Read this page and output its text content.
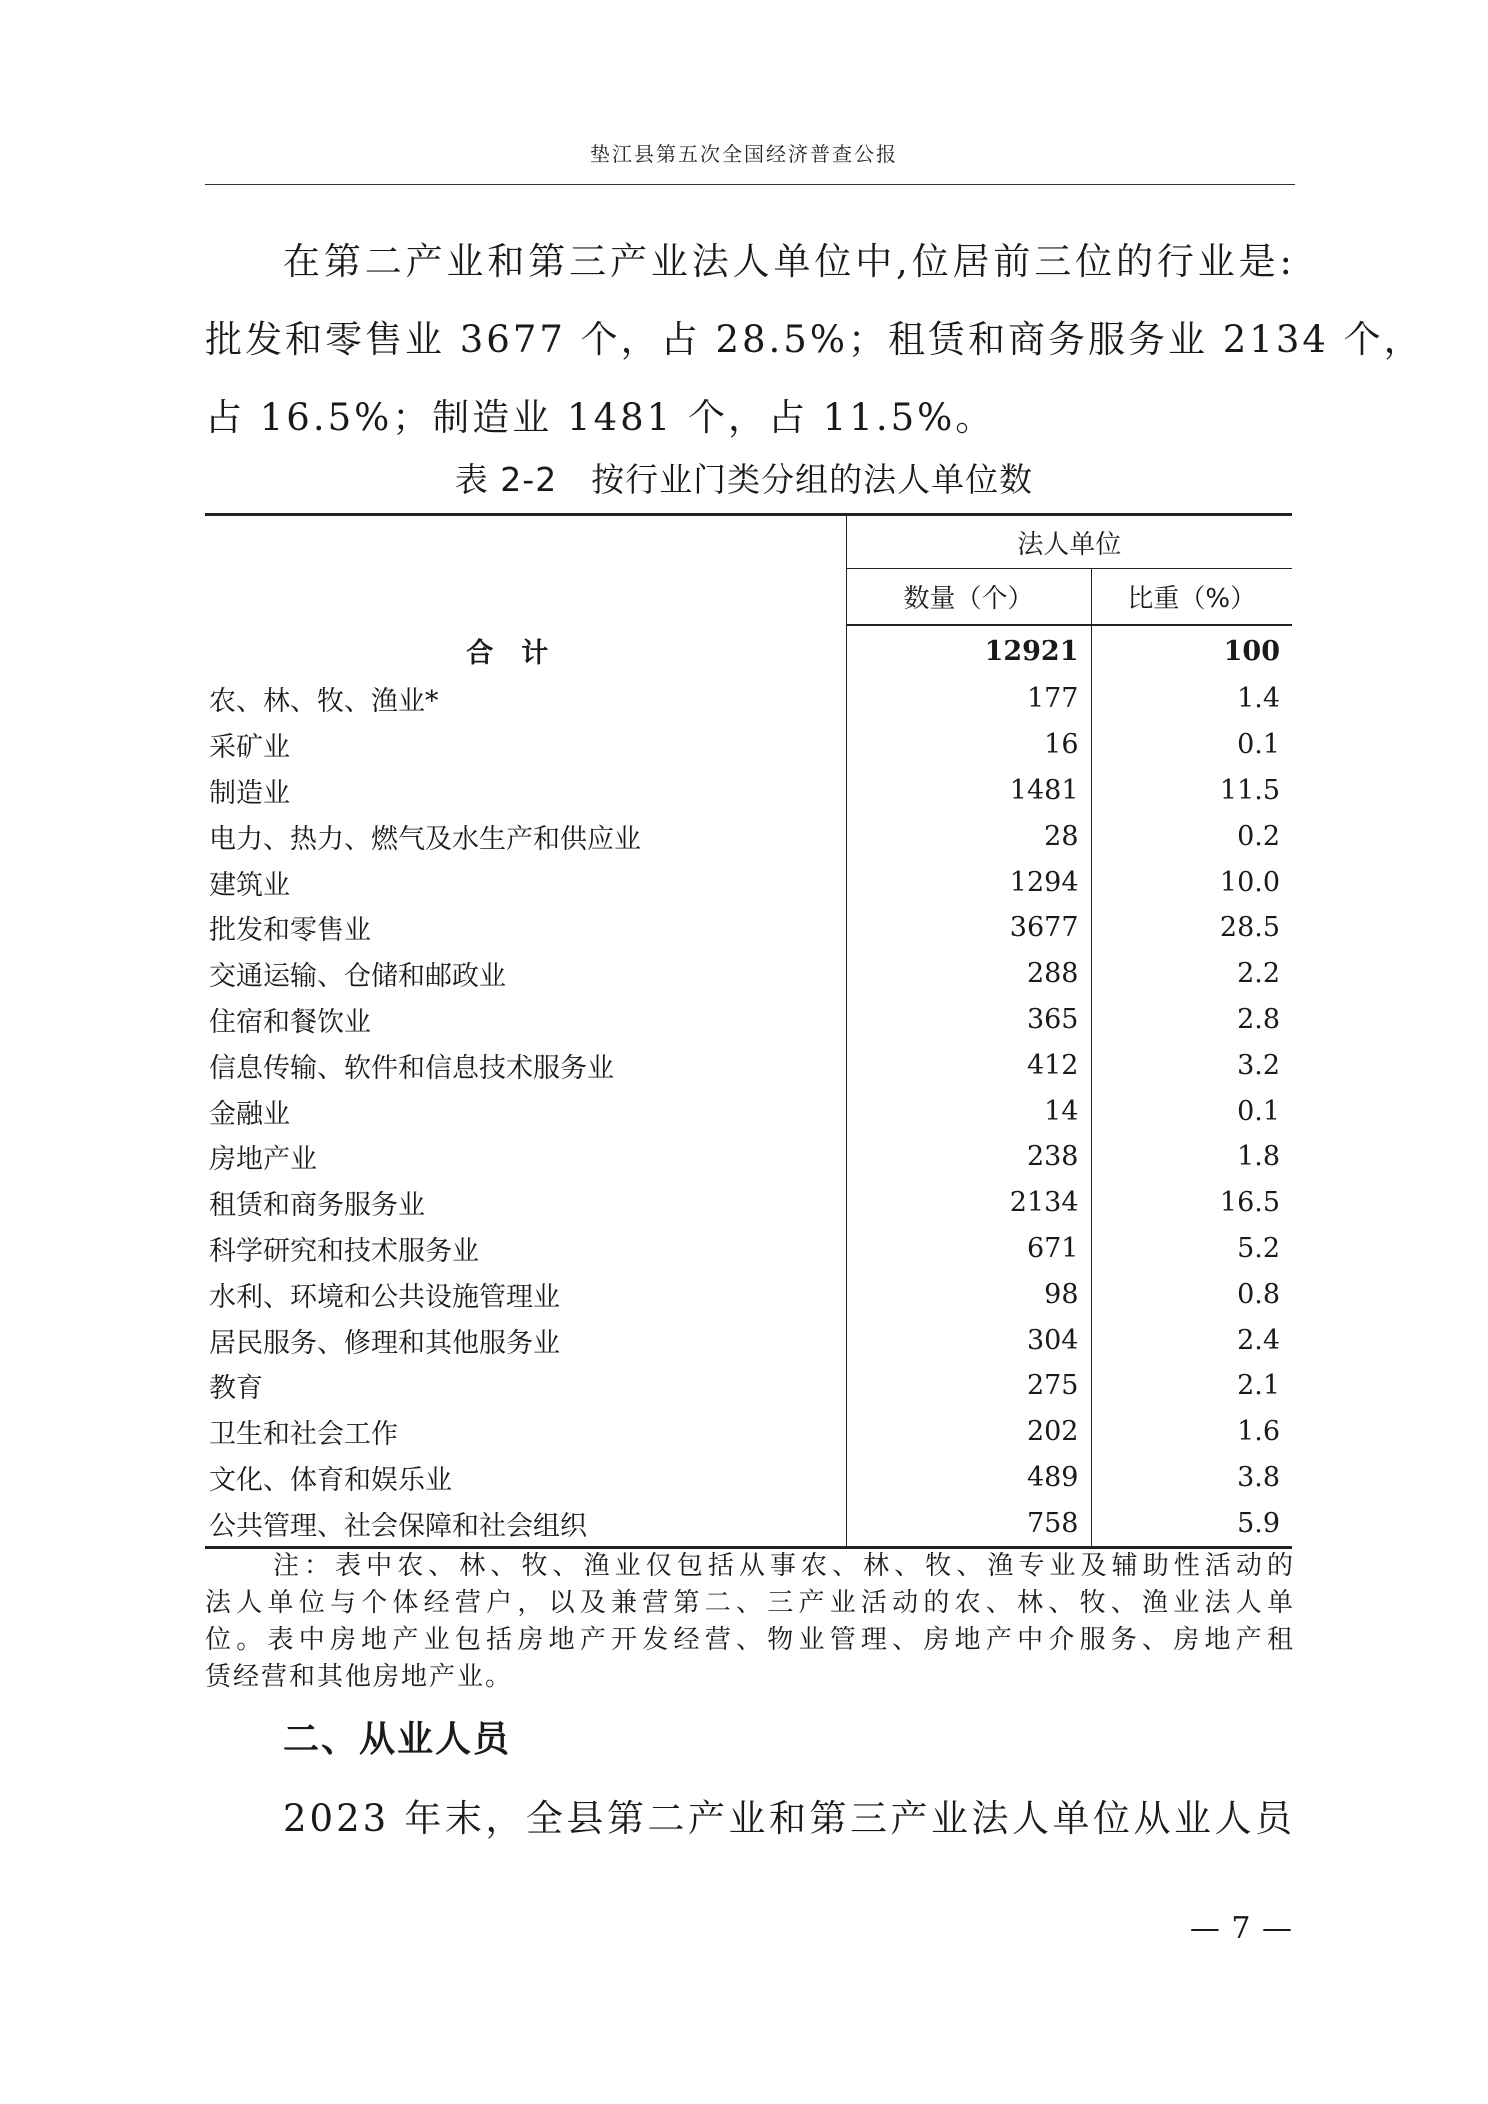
垫江县第五次全国经济普查公报

在第二产业和第三产业法人单位中,位居前三位的行业是:
批发和零售业 3677 个，占 28.5%；租赁和商务服务业 2134 个，
占 16.5%；制造业 1481 个，占 11.5%。

表 2-2　按行业门类分组的法人单位数
	法人单位	
	数量（个）	比重（%）
合计	12921	100
农、林、牧、渔业*	177	1.4
采矿业	16	0.1
制造业	1481	11.5
电力、热力、燃气及水生产和供应业	28	0.2
建筑业	1294	10.0
批发和零售业	3677	28.5
交通运输、仓储和邮政业	288	2.2
住宿和餐饮业	365	2.8
信息传输、软件和信息技术服务业	412	3.2
金融业	14	0.1
房地产业	238	1.8
租赁和商务服务业	2134	16.5
科学研究和技术服务业	671	5.2
水利、环境和公共设施管理业	98	0.8
居民服务、修理和其他服务业	304	2.4
教育	275	2.1
卫生和社会工作	202	1.6
文化、体育和娱乐业	489	3.8
公共管理、社会保障和社会组织	758	5.9
注：表中农、林、牧、渔业仅包括从事农、林、牧、渔专业及辅助性活动的
法人单位与个体经营户，以及兼营第二、三产业活动的农、林、牧、渔业法人单
位。表中房地产业包括房地产开发经营、物业管理、房地产中介服务、房地产租
赁经营和其他房地产业。
二、从业人员

2023 年末，全县第二产业和第三产业法人单位从业人员

— 7 —
